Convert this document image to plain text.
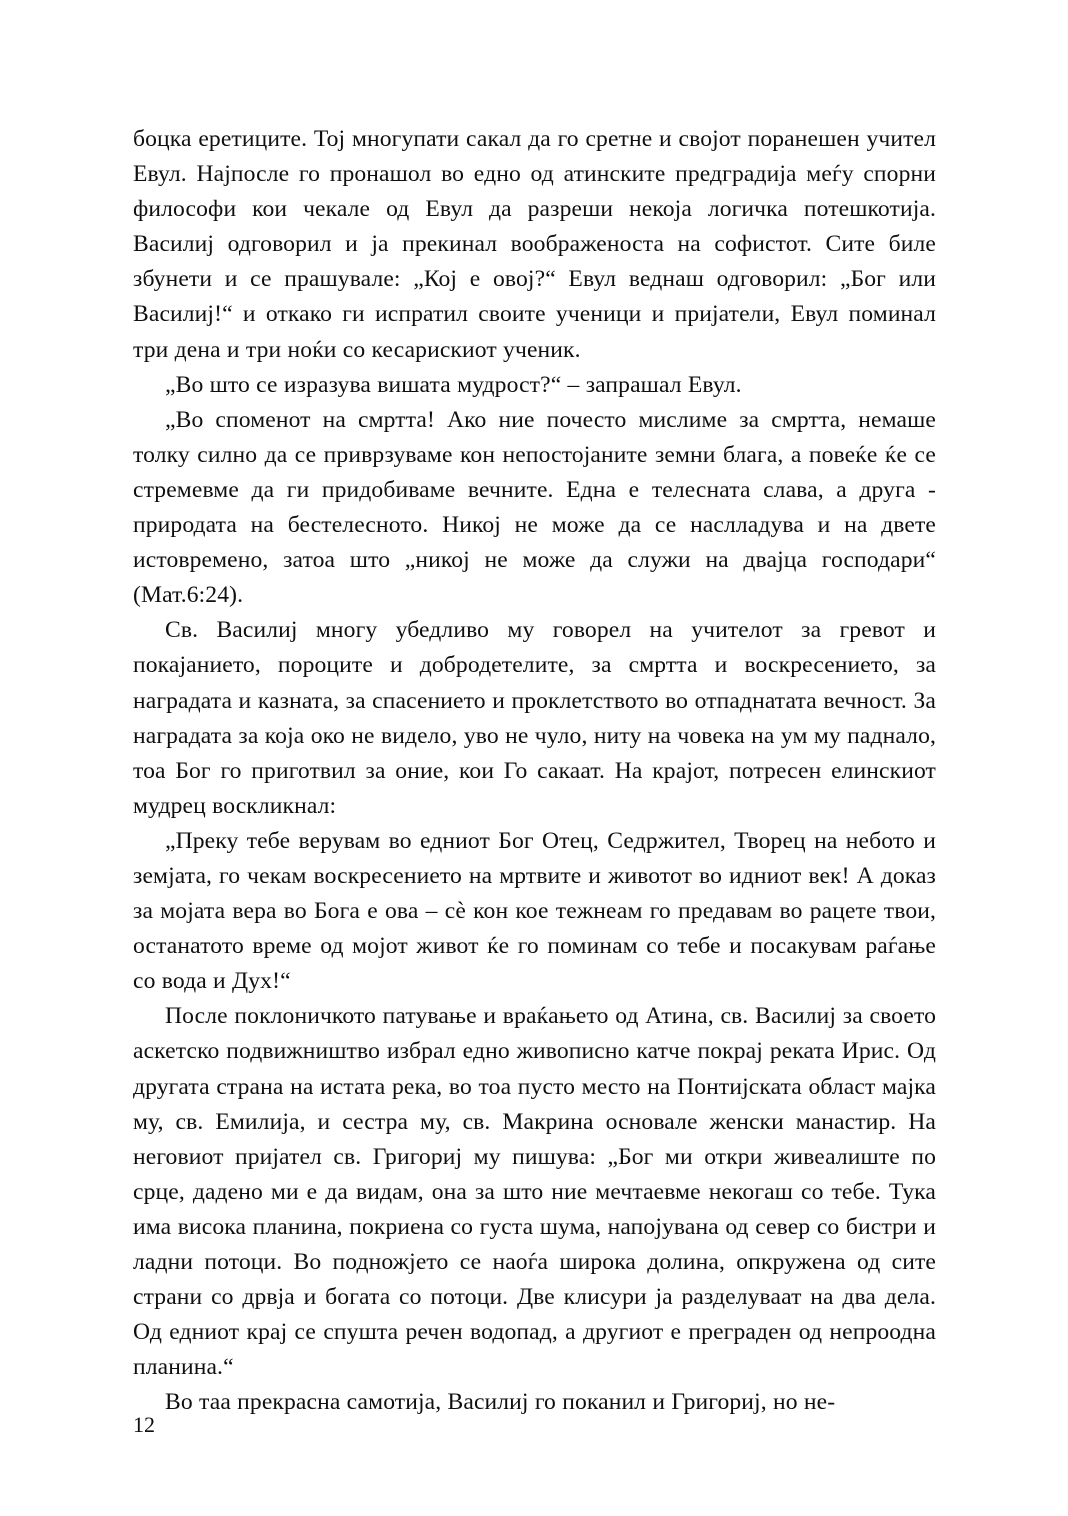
боцка еретиците. Тој многупати сакал да го сретне и својот поранешен учител Евул. Најпосле го пронашол во едно од атинските предградија меѓу спорни философи кои чекале од Евул да разреши некоја логичка потешкотија. Василиј одговорил и ја прекинал воображеноста на софистот. Сите биле збунети и се прашувале: „Кој е овој?“ Евул веднаш одговорил: „Бог или Василиј!“ и откако ги испратил своите ученици и пријатели, Евул поминал три дена и три ноќи со кесарискиот ученик.

„Во што се изразува вишата мудрост?“ – запрашал Евул.

„Во споменот на смртта! Ако ние почесто мислиме за смртта, немаше толку силно да се приврзуваме кон непостојаните земни блага, а повеќе ќе се стремевме да ги придобиваме вечните. Една е телесната слава, а друга - природата на бестелесното. Никој не може да се наслладува и на двете истовремено, затоа што „никој не може да служи на двајца господари“ (Мат.6:24).

Св. Василиј многу убедливо му говорел на учителот за гревот и покајанието, пороците и добродетелите, за смртта и воскресението, за наградата и казната, за спасението и проклетството во отпаднатата вечност. За наградата за која око не видело, уво не чуло, ниту на човека на ум му паднало, тоа Бог го приготвил за оние, кои Го сакаат. На крајот, потресен елинскиот мудрец воскликнал:

„Преку тебе верувам во едниот Бог Отец, Седржител, Творец на небото и земјата, го чекам воскресението на мртвите и животот во идниот век! А доказ за мојата вера во Бога е ова – сѐ кон кое тежнеам го предавам во рацете твои, останатото време од мојот живот ќе го поминам со тебе и посакувам раѓање со вода и Дух!“

После поклоничкото патување и враќањето од Атина, св. Василиј за своето аскетско подвижништво избрал едно живописно катче покрај реката Ирис. Од другата страна на истата река, во тоа пусто место на Понтијската област мајка му, св. Емилија, и сестра му, св. Макрина основале женски манастир. На неговиот пријател св. Григориј му пишува: „Бог ми откри живеалиште по срце, дадено ми е да видам, она за што ние мечтаевме некогаш со тебе. Тука има висока планина, покриена со густа шума, напојувана од север со бистри и ладни потоци. Во подножјето се наоѓа широка долина, опкружена од сите страни со дрвја и богата со потоци. Две клисури ја разделуваат на два дела. Од едниот крај се спушта речен водопад, а другиот е преграден од непроодна планина.“

Во таа прекрасна самотија, Василиј го поканил и Григориј, но не-

12
